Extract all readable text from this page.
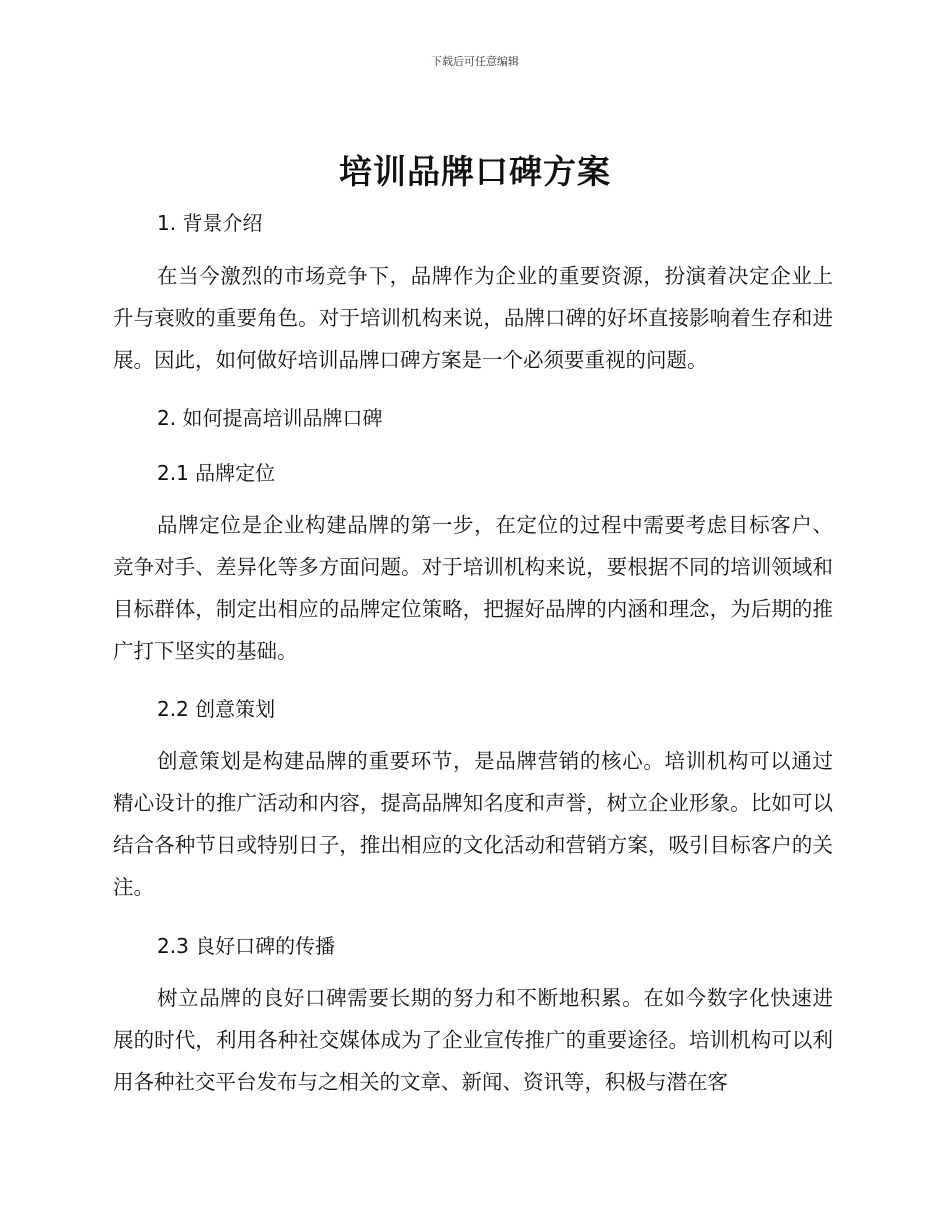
下载后可任意编辑
培训品牌口碑方案
1. 背景介绍
在当今激烈的市场竞争下，品牌作为企业的重要资源，扮演着决定企业上升与衰败的重要角色。对于培训机构来说，品牌口碑的好坏直接影响着生存和进展。因此，如何做好培训品牌口碑方案是一个必须要重视的问题。
2. 如何提高培训品牌口碑
2.1 品牌定位
品牌定位是企业构建品牌的第一步，在定位的过程中需要考虑目标客户、竞争对手、差异化等多方面问题。对于培训机构来说，要根据不同的培训领域和目标群体，制定出相应的品牌定位策略，把握好品牌的内涵和理念，为后期的推广打下坚实的基础。
2.2 创意策划
创意策划是构建品牌的重要环节，是品牌营销的核心。培训机构可以通过精心设计的推广活动和内容，提高品牌知名度和声誉，树立企业形象。比如可以结合各种节日或特别日子，推出相应的文化活动和营销方案，吸引目标客户的关注。
2.3 良好口碑的传播
树立品牌的良好口碑需要长期的努力和不断地积累。在如今数字化快速进展的时代，利用各种社交媒体成为了企业宣传推广的重要途径。培训机构可以利用各种社交平台发布与之相关的文章、新闻、资讯等，积极与潜在客
